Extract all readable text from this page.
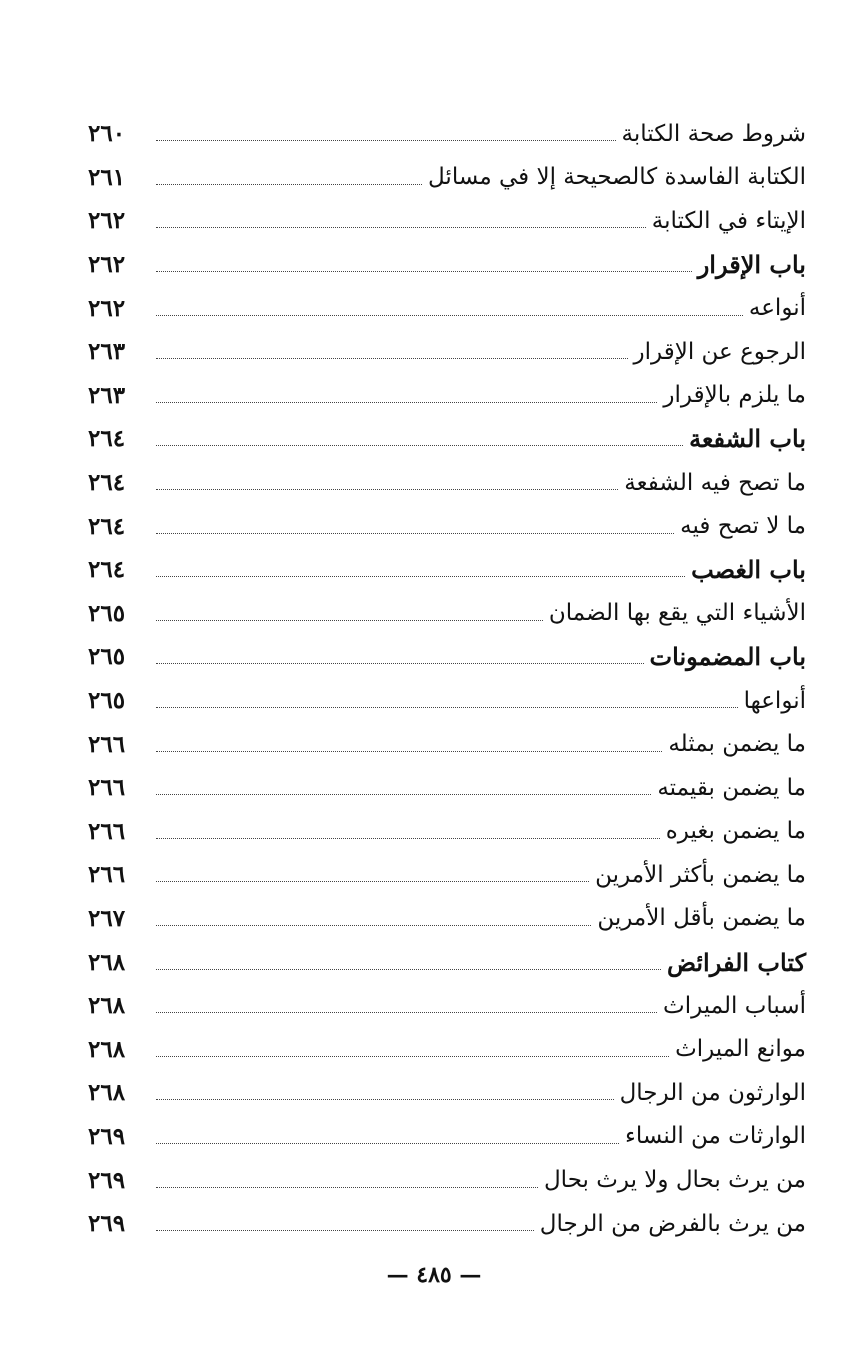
شروط صحة الكتابة
٢٦٠
الكتابة الفاسدة كالصحيحة إلا في مسائل
٢٦١
الإيتاء في الكتابة
٢٦٢
باب الإقرار
٢٦٢
أنواعه
٢٦٢
الرجوع عن الإقرار
٢٦٣
ما يلزم بالإقرار
٢٦٣
باب الشفعة
٢٦٤
ما تصح فيه الشفعة
٢٦٤
ما لا تصح فيه
٢٦٤
باب الغصب
٢٦٤
الأشياء التي يقع بها الضمان
٢٦٥
باب المضمونات
٢٦٥
أنواعها
٢٦٥
ما يضمن بمثله
٢٦٦
ما يضمن بقيمته
٢٦٦
ما يضمن بغيره
٢٦٦
ما يضمن بأكثر الأمرين
٢٦٦
ما يضمن بأقل الأمرين
٢٦٧
كتاب الفرائض
٢٦٨
أسباب الميراث
٢٦٨
موانع الميراث
٢٦٨
الوارثون من الرجال
٢٦٨
الوارثات من النساء
٢٦٩
من يرث بحال ولا يرث بحال
٢٦٩
من يرث بالفرض من الرجال
٢٦٩
— ٤٨٥ —
